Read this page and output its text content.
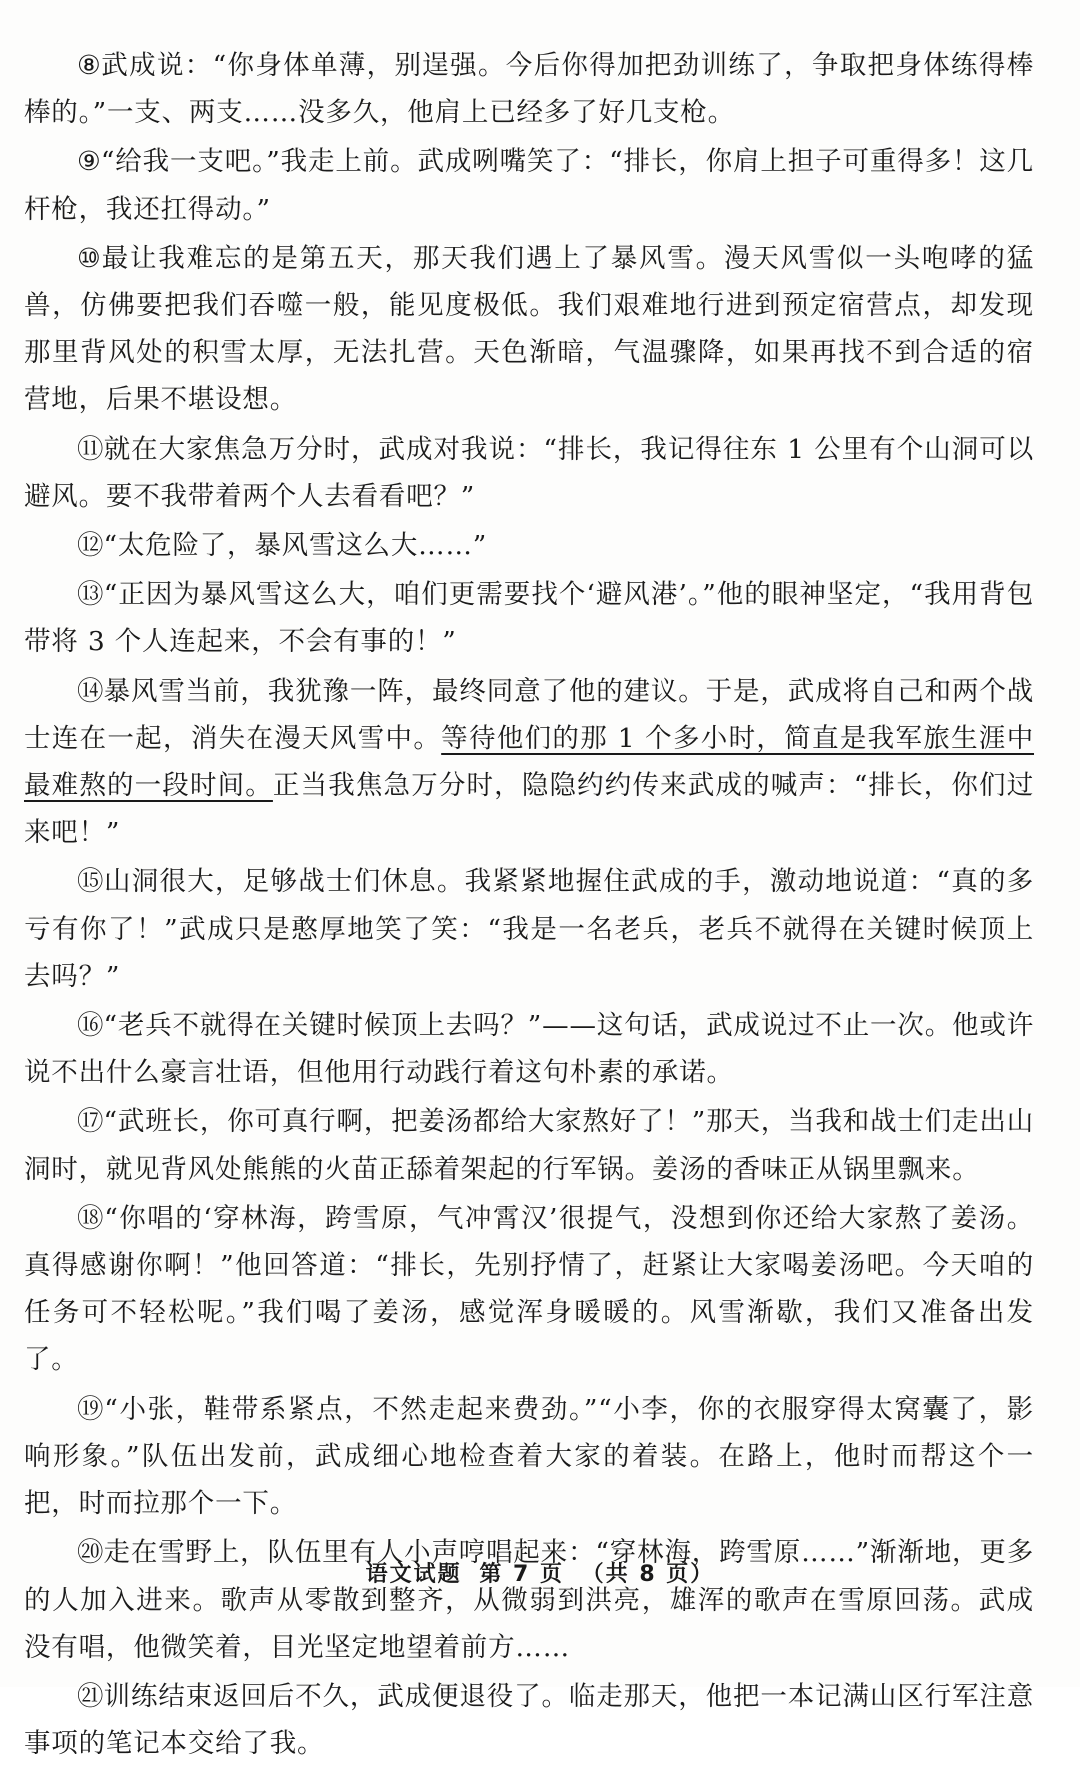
⑧武成说：“你身体单薄，别逞强。今后你得加把劲训练了，争取把身体练得棒棒的。”一支、两支……没多久，他肩上已经多了好几支枪。

⑨“给我一支吧。”我走上前。武成咧嘴笑了：“排长，你肩上担子可重得多！这几杆枪，我还扛得动。”

⑩最让我难忘的是第五天，那天我们遇上了暴风雪。漫天风雪似一头咆哮的猛兽，仿佛要把我们吞噬一般，能见度极低。我们艰难地行进到预定宿营点，却发现那里背风处的积雪太厚，无法扎营。天色渐暗，气温骤降，如果再找不到合适的宿营地，后果不堪设想。

⑪就在大家焦急万分时，武成对我说：“排长，我记得往东 1 公里有个山洞可以避风。要不我带着两个人去看看吧？”

⑫“太危险了，暴风雪这么大……”

⑬“正因为暴风雪这么大，咱们更需要找个‘避风港’。”他的眼神坚定，“我用背包带将 3 个人连起来，不会有事的！”

⑭暴风雪当前，我犹豫一阵，最终同意了他的建议。于是，武成将自己和两个战士连在一起，消失在漫天风雪中。等待他们的那 1 个多小时，简直是我军旅生涯中最难熬的一段时间。正当我焦急万分时，隐隐约约传来武成的喊声：“排长，你们过来吧！”

⑮山洞很大，足够战士们休息。我紧紧地握住武成的手，激动地说道：“真的多亏有你了！”武成只是憨厚地笑了笑：“我是一名老兵，老兵不就得在关键时候顶上去吗？”

⑯“老兵不就得在关键时候顶上去吗？”——这句话，武成说过不止一次。他或许说不出什么豪言壮语，但他用行动践行着这句朴素的承诺。

⑰“武班长，你可真行啊，把姜汤都给大家熬好了！”那天，当我和战士们走出山洞时，就见背风处熊熊的火苗正舔着架起的行军锅。姜汤的香味正从锅里飘来。

⑱“你唱的‘穿林海，跨雪原，气冲霄汉’很提气，没想到你还给大家熬了姜汤。真得感谢你啊！”他回答道：“排长，先别抒情了，赶紧让大家喝姜汤吧。今天咱的任务可不轻松呢。”我们喝了姜汤，感觉浑身暖暖的。风雪渐歇，我们又准备出发了。

⑲“小张，鞋带系紧点，不然走起来费劲。”“小李，你的衣服穿得太窝囊了，影响形象。”队伍出发前，武成细心地检查着大家的着装。在路上，他时而帮这个一把，时而拉那个一下。

⑳走在雪野上，队伍里有人小声哼唱起来：“穿林海，跨雪原……”渐渐地，更多的人加入进来。歌声从零散到整齐，从微弱到洪亮，雄浑的歌声在雪原回荡。武成没有唱，他微笑着，目光坚定地望着前方……

㉑训练结束返回后不久，武成便退役了。临走那天，他把一本记满山区行军注意事项的笔记本交给了我。

语文试题 第 7 页 （共 8 页）
